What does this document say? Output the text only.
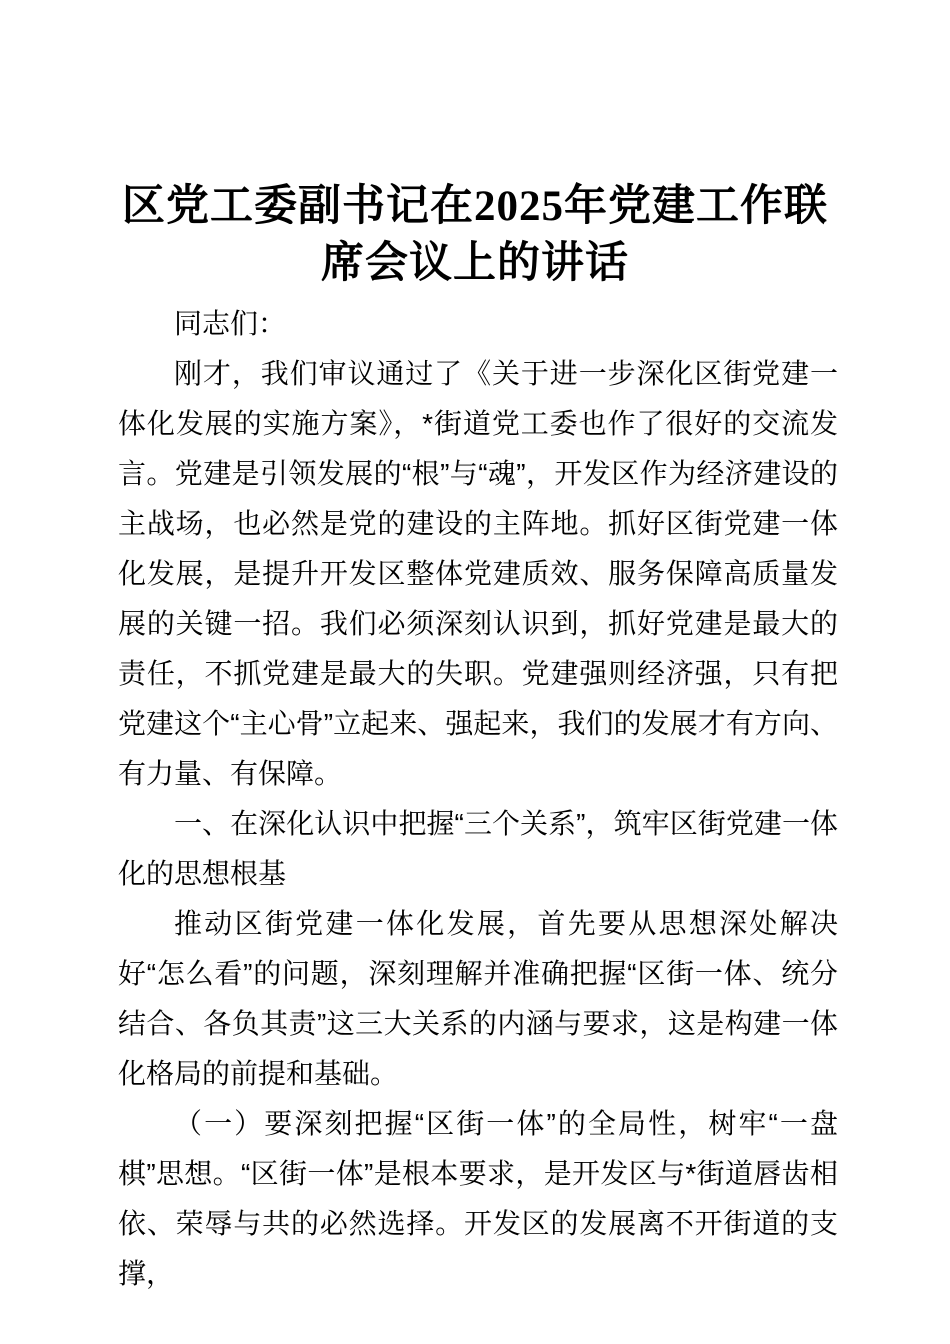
区党工委副书记在2025年党建工作联席会议上的讲话

同志们：

刚才，我们审议通过了《关于进一步深化区街党建一体化发展的实施方案》，*街道党工委也作了很好的交流发言。党建是引领发展的“根”与“魂”，开发区作为经济建设的主战场，也必然是党的建设的主阵地。抓好区街党建一体化发展，是提升开发区整体党建质效、服务保障高质量发展的关键一招。我们必须深刻认识到，抓好党建是最大的责任，不抓党建是最大的失职。党建强则经济强，只有把党建这个“主心骨”立起来、强起来，我们的发展才有方向、有力量、有保障。

一、在深化认识中把握“三个关系”，筑牢区街党建一体化的思想根基

推动区街党建一体化发展，首先要从思想深处解决好“怎么看”的问题，深刻理解并准确把握“区街一体、统分结合、各负其责”这三大关系的内涵与要求，这是构建一体化格局的前提和基础。

（一）要深刻把握“区街一体”的全局性，树牢“一盘棋”思想。“区街一体”是根本要求，是开发区与*街道唇齿相依、荣辱与共的必然选择。开发区的发展离不开街道的支撑，
